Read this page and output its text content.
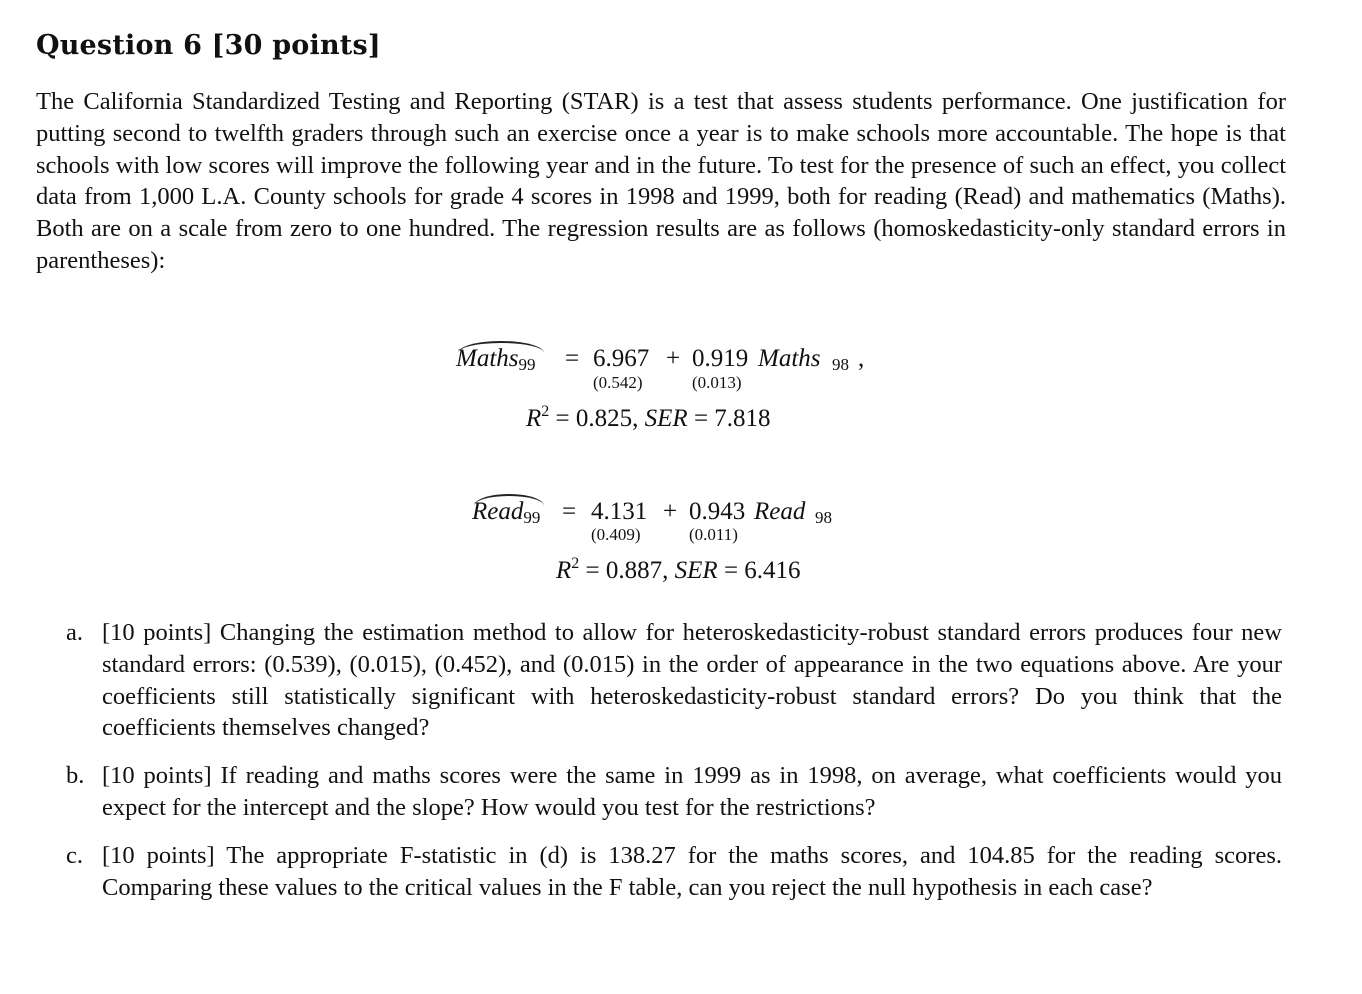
Question 6 [30 points]

The California Standardized Testing and Reporting (STAR) is a test that assess students performance. One justification for putting second to twelfth graders through such an exercise once a year is to make schools more accountable. The hope is that schools with low scores will improve the following year and in the future. To test for the presence of such an effect, you collect data from 1,000 L.A. County schools for grade 4 scores in 1998 and 1999, both for reading (Read) and mathematics (Maths). Both are on a scale from zero to one hundred. The regression results are as follows (homoskedasticity-only standard errors in parentheses):

Maths$_{99}$ = 6.967 + 0.919 Maths 98 ,
(0.542)	(0.013)
$R^2 = 0.825$, SER = 7.818
Read$_{99}$ = 4.131 + 0.943 Read 98
(0.409)	(0.011)
$R^2 = 0.887$, SER = 6.416
a. [10 points] Changing the estimation method to allow for heteroskedasticity-robust standard errors produces four new standard errors: (0.539), (0.015), (0.452), and (0.015) in the order of appearance in the two equations above. Are your coefficients still statistically significant with heteroskedasticity-robust standard errors? Do you think that the coefficients themselves changed?
b. [10 points] If reading and maths scores were the same in 1999 as in 1998, on average, what coefficients would you expect for the intercept and the slope? How would you test for the restrictions?
c. [10 points] The appropriate F-statistic in (d) is 138.27 for the maths scores, and 104.85 for the reading scores. Comparing these values to the critical values in the F table, can you reject the null hypothesis in each case?
